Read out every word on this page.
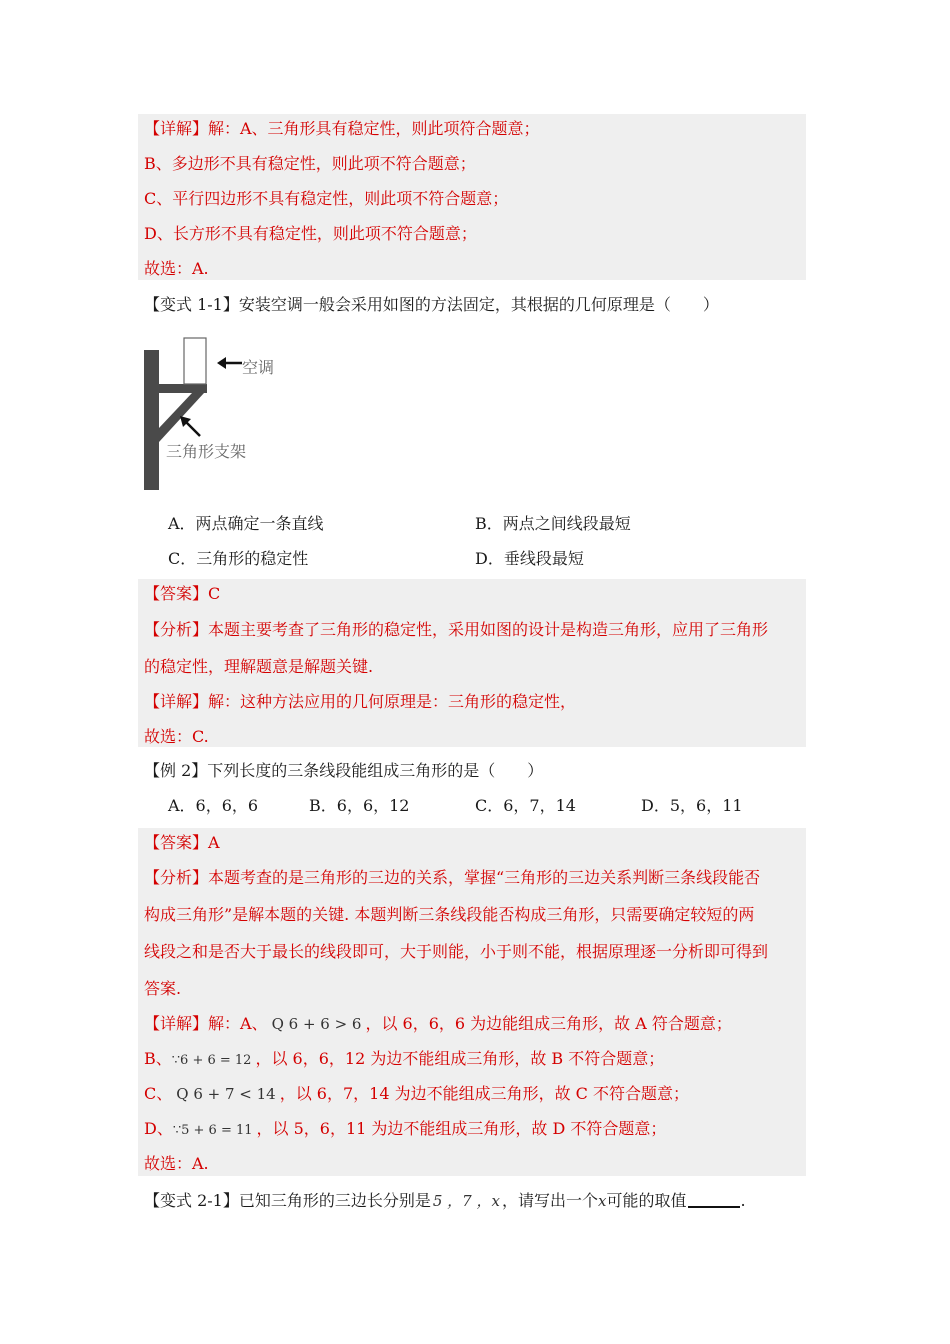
【详解】解：A、三角形具有稳定性，则此项符合题意；
B、多边形不具有稳定性，则此项不符合题意；
C、平行四边形不具有稳定性，则此项不符合题意；
D、长方形不具有稳定性，则此项不符合题意；
故选：A.
【变式 1-1】安装空调一般会采用如图的方法固定，其根据的几何原理是（　　）
空调
三角形支架
A．两点确定一条直线	B．两点之间线段最短
C．三角形的稳定性	D．垂线段最短
【答案】C
【分析】本题主要考查了三角形的稳定性，采用如图的设计是构造三角形，应用了三角形
的稳定性，理解题意是解题关键.
【详解】解：这种方法应用的几何原理是：三角形的稳定性，
故选：C.
【例 2】下列长度的三条线段能组成三角形的是（　　）
A．6，6，6	B．6，6，12	C．6，7，14	D．5，6，11
【答案】A
【分析】本题考查的是三角形的三边的关系，掌握“三角形的三边关系判断三条线段能否
构成三角形”是解本题的关键. 本题判断三条线段能否构成三角形，只需要确定较短的两
线段之和是否大于最长的线段即可，大于则能，小于则不能，根据原理逐一分析即可得到
答案.
【详解】解：A、 Q 6 + 6 > 6 ，以 6，6，6 为边能组成三角形，故 A 符合题意；
B、∵6 + 6 = 12 ，以 6，6，12 为边不能组成三角形，故 B 不符合题意；
C、 Q 6 + 7 < 14 ，以 6，7，14 为边不能组成三角形，故 C 不符合题意；
D、∵5 + 6 = 11 ，以 5，6，11 为边不能组成三角形，故 D 不符合题意；
故选：A.
【变式 2-1】已知三角形的三边长分别是 5 ，7 ，x ，请写出一个x可能的取值	.
